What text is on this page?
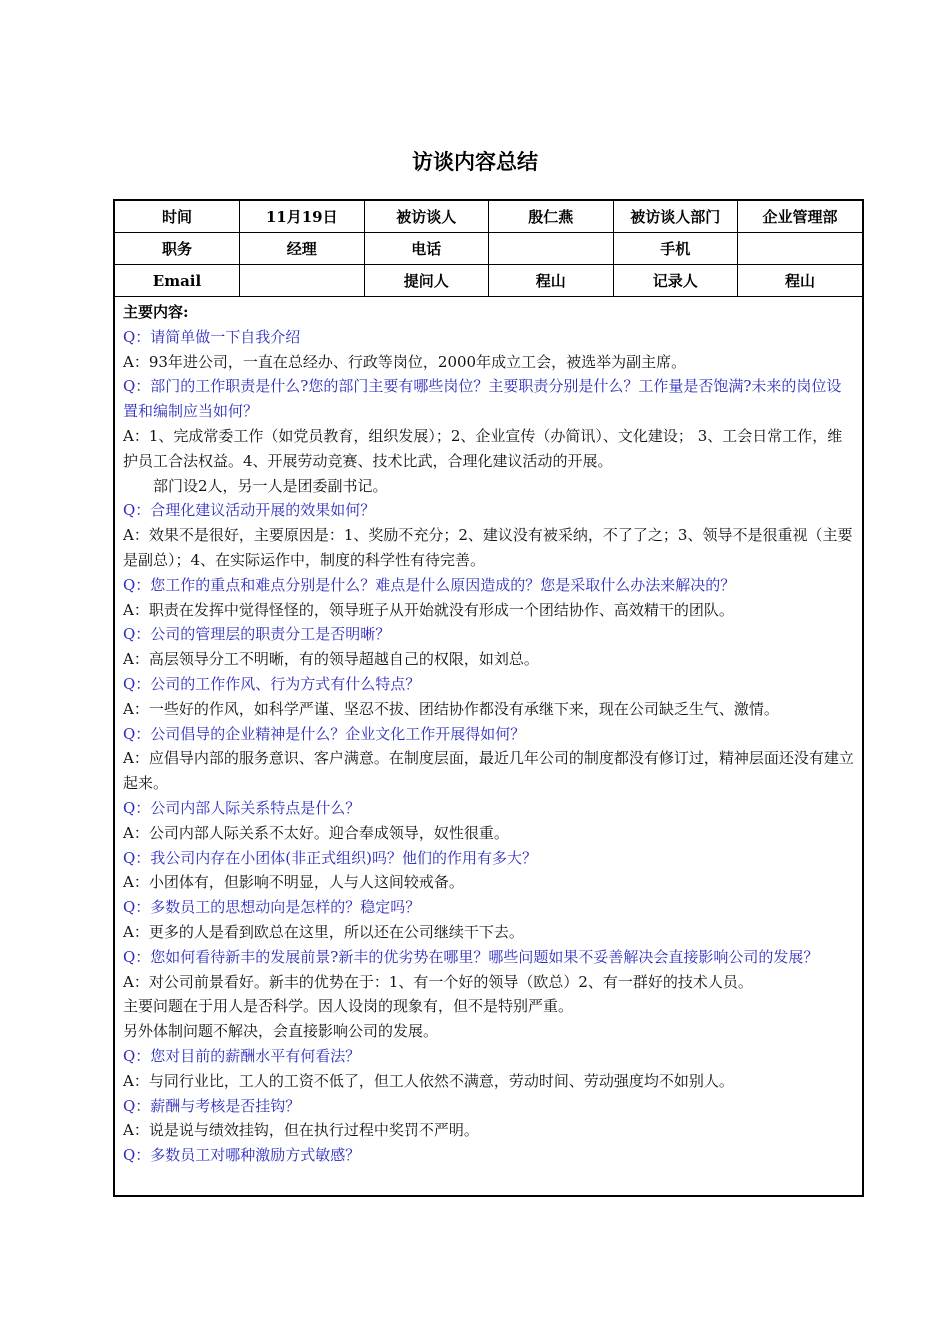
访谈内容总结
时间	11月19日	被访谈人	殷仁燕	被访谈人部门	企业管理部
职务	经理	电话		手机	
Email		提问人	程山	记录人	程山
主要内容:
Q：请简单做一下自我介绍
A：93年进公司，一直在总经办、行政等岗位，2000年成立工会，被选举为副主席。
Q：部门的工作职责是什么?您的部门主要有哪些岗位？主要职责分别是什么？工作量是否饱满?未来的岗位设置和编制应当如何？
A：1、完成常委工作（如党员教育，组织发展）；2、企业宣传（办简讯）、文化建设； 3、工会日常工作，维护员工合法权益。4、开展劳动竞赛、技术比武，合理化建议活动的开展。
部门设2人，另一人是团委副书记。
Q：合理化建议活动开展的效果如何？
A：效果不是很好，主要原因是：1、奖励不充分；2、建议没有被采纳，不了了之；3、领导不是很重视（主要是副总）；4、在实际运作中，制度的科学性有待完善。
Q：您工作的重点和难点分别是什么？难点是什么原因造成的？您是采取什么办法来解决的？
A：职责在发挥中觉得怪怪的，领导班子从开始就没有形成一个团结协作、高效精干的团队。
Q：公司的管理层的职责分工是否明晰？
A：高层领导分工不明晰，有的领导超越自己的权限，如刘总。
Q：公司的工作作风、行为方式有什么特点？
A：一些好的作风，如科学严谨、坚忍不拔、团结协作都没有承继下来，现在公司缺乏生气、激情。
Q：公司倡导的企业精神是什么？企业文化工作开展得如何？
A：应倡导内部的服务意识、客户满意。在制度层面，最近几年公司的制度都没有修订过，精神层面还没有建立起来。
Q：公司内部人际关系特点是什么？
A：公司内部人际关系不太好。迎合奉成领导，奴性很重。
Q：我公司内存在小团体(非正式组织)吗？他们的作用有多大？
A：小团体有，但影响不明显，人与人这间较戒备。
Q：多数员工的思想动向是怎样的？稳定吗？
A：更多的人是看到欧总在这里，所以还在公司继续干下去。
Q：您如何看待新丰的发展前景?新丰的优劣势在哪里？哪些问题如果不妥善解决会直接影响公司的发展？
A：对公司前景看好。新丰的优势在于：1、有一个好的领导（欧总）2、有一群好的技术人员。
主要问题在于用人是否科学。因人设岗的现象有，但不是特别严重。
另外体制问题不解决，会直接影响公司的发展。
Q：您对目前的薪酬水平有何看法？
A：与同行业比，工人的工资不低了，但工人依然不满意，劳动时间、劳动强度均不如别人。
Q：薪酬与考核是否挂钩？
A：说是说与绩效挂钩，但在执行过程中奖罚不严明。
Q：多数员工对哪种激励方式敏感？
